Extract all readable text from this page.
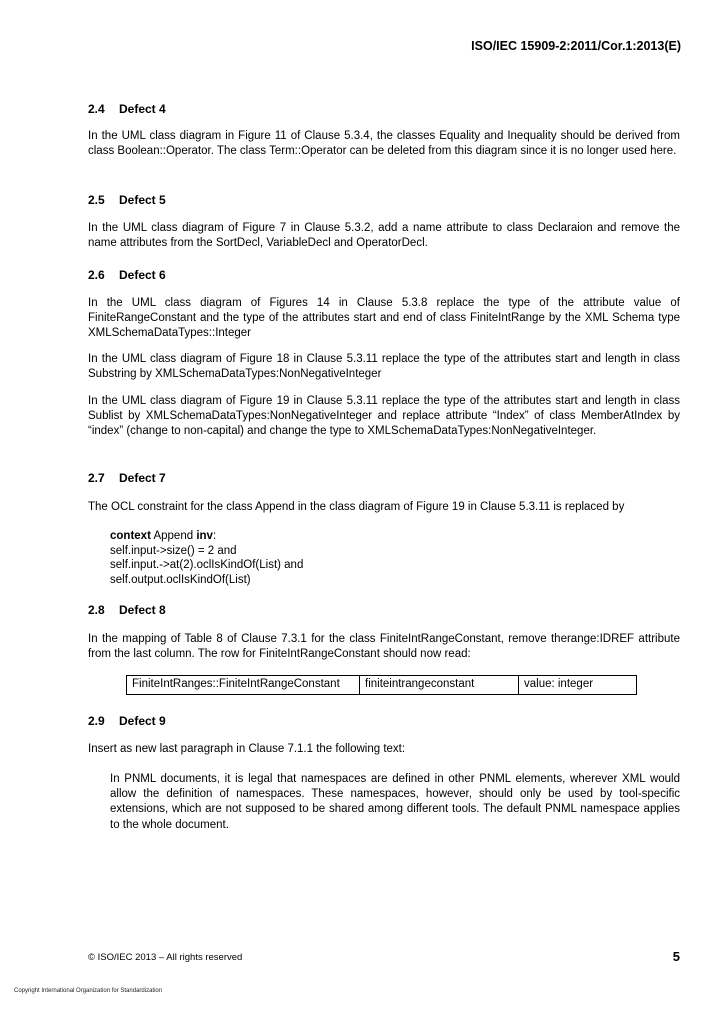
ISO/IEC 15909-2:2011/Cor.1:2013(E)
2.4 Defect 4
In the UML class diagram in Figure 11 of Clause 5.3.4, the classes Equality and Inequality should be derived from class Boolean::Operator. The class Term::Operator can be deleted from this diagram since it is no longer used here.
2.5 Defect 5
In the UML class diagram of Figure 7 in Clause 5.3.2, add a name attribute to class Declaraion and remove the name attributes from the SortDecl, VariableDecl and OperatorDecl.
2.6 Defect 6
In the UML class diagram of Figures 14 in Clause 5.3.8 replace the type of the attribute value of FiniteRangeConstant and the type of the attributes start and end of class FiniteIntRange by the XML Schema type XMLSchemaDataTypes::Integer
In the UML class diagram of Figure 18 in Clause 5.3.11 replace the type of the attributes start and length in class Substring by XMLSchemaDataTypes:NonNegativeInteger
In the UML class diagram of Figure 19 in Clause 5.3.11 replace the type of the attributes start and length in class Sublist by XMLSchemaDataTypes:NonNegativeInteger and replace attribute “Index” of class MemberAtIndex by “index” (change to non-capital) and change the type to XMLSchemaDataTypes:NonNegativeInteger.
2.7 Defect 7
The OCL constraint for the class Append in the class diagram of Figure 19 in Clause 5.3.11 is replaced by
context Append inv:
self.input->size() = 2 and
self.input.->at(2).oclIsKindOf(List) and
self.output.oclIsKindOf(List)
2.8 Defect 8
In the mapping of Table 8 of Clause 7.3.1 for the class FiniteIntRangeConstant, remove therange:IDREF attribute from the last column. The row for FiniteIntRangeConstant should now read:
FiniteIntRanges::FiniteIntRangeConstant	finiteintrangeconstant	value: integer
2.9 Defect 9
Insert as new last paragraph in Clause 7.1.1 the following text:
In PNML documents, it is legal that namespaces are defined in other PNML elements, wherever XML would allow the definition of namespaces. These namespaces, however, should only be used by tool-specific extensions, which are not supposed to be shared among different tools. The default PNML namespace applies to the whole document.
© ISO/IEC 2013 – All rights reserved	5
Copyright International Organization for Standardization
